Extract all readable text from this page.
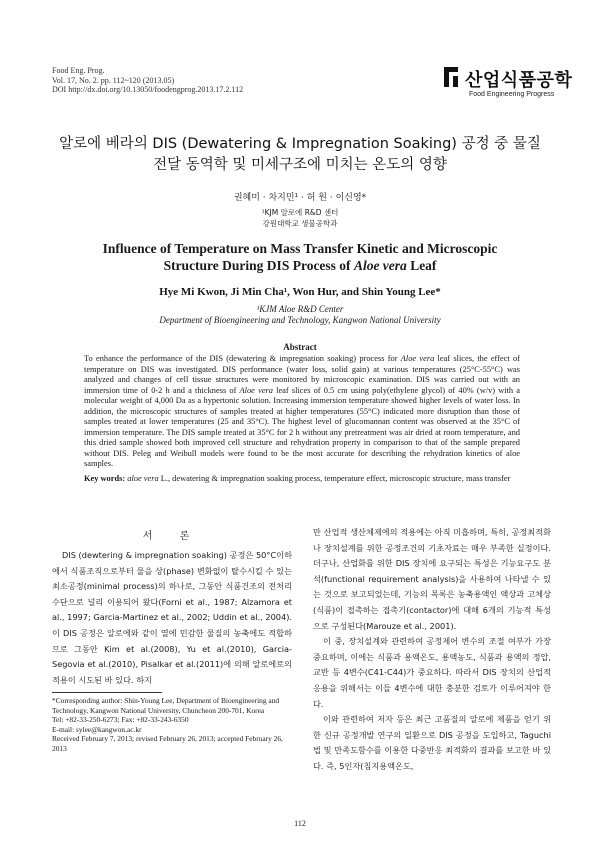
Food Eng. Prog.
Vol. 17, No. 2. pp. 112~120 (2013.05)
DOI http://dx.doi.org/10.13050/foodengprog.2013.17.2.112	산업식품공학
Food Engineering Progress
알로에 베라의 DIS (Dewatering & Impregnation Soaking) 공정 중 물질
전달 동역학 및 미세구조에 미치는 온도의 영향
권혜미 · 차지민¹ · 허 원 · 이신영*
¹KJM 알로에 R&D 센터
강원대학교 생물공학과
Influence of Temperature on Mass Transfer Kinetic and Microscopic
Structure During DIS Process of Aloe vera Leaf
Hye Mi Kwon, Ji Min Cha¹, Won Hur, and Shin Young Lee*
¹KJM Aloe R&D Center
Department of Bioengineering and Technology, Kangwon National University
Abstract
To enhance the performance of the DIS (dewatering & impregnation soaking) process for Aloe vera leaf slices, the effect of temperature on DIS was investigated. DIS performance (water loss, solid gain) at various temperatures (25°C-55°C) was analyzed and changes of cell tissue structures were monitored by microscopic examination. DIS was carried out with an immersion time of 0-2 h and a thickness of Aloe vera leaf slices of 0.5 cm using poly(ethylene glycol) of 40% (w/v) with a molecular weight of 4,000 Da as a hypertonic solution. Increasing immersion temperature showed higher levels of water loss. In addition, the microscopic structures of samples treated at higher temperatures (55°C) indicated more disruption than those of samples treated at lower temperatures (25 and 35°C). The highest level of glucomannan content was observed at the 35°C of immersion temperature. The DIS sample treated at 35°C for 2 h without any pretreatment was air dried at room temperature, and this dried sample showed both improved cell structure and rehydration property in comparison to that of the sample prepared without DIS. Peleg and Weibull models were found to be the most accurate for describing the rehydration kinetics of aloe samples.
Key words: aloe vera L., dewatering & impregnation soaking process, temperature effect, microscopic structure, mass transfer
서 론
DIS (dewtering & impregnation soaking) 공정은 50°C이하에서 식품조직으로부터 물을 상(phase) 변화없이 탈수시킬 수 있는 최소공정(minimal process)의 하나로, 그동안 식품건조의 전처리수단으로 널리 이용되어 왔다(Forni et al., 1987; Alzamora et al., 1997; Garcia-Martinez et al., 2002; Uddin et al., 2004). 이 DIS 공정은 알로에와 같이 열에 민감한 물질의 농축에도 적합하므로 그동안 Kim et al.(2008), Yu et al.(2010), Garcia-Segovia et al.(2010), Pisalkar et al.(2011)에 의해 알로에로의 적용이 시도된 바 있다. 하지

만 산업적 생산체제에의 적용에는 아직 미흡하며, 특히, 공정최적화나 장치설계를 위한 공정조건의 기초자료는 매우 부족한 실정이다. 더구나, 산업화를 위한 DIS 장치에 요구되는 특성은 기능요구도 분석(functional requirement analysis)을 사용하여 나타낼 수 있는 것으로 보고되었는데, 기능의 목록은 농축용액인 액상과 고체상(식품)이 접촉하는 접촉기(contactor)에 대해 6개의 기능적 특성으로 구성된다(Marouze et al., 2001).

이 중, 장치설계와 관련하여 공정제어 변수의 조절 여부가 가장 중요하며, 이에는 식품과 용액온도, 용액농도, 식품과 용액의 정압, 교반 등 4변수(C41-C44)가 중요하다. 따라서 DIS 장치의 산업적 응용을 위해서는 이들 4변수에 대한 충분한 검토가 이루어져야 한다.

이와 관련하여 저자 등은 최근 고품질의 알로에 제품을 얻기 위한 신규 공정개발 연구의 일환으로 DIS 공정을 도입하고, Taguchi 법 및 만족도함수를 이용한 다중반응 최적화의 결과를 보고한 바 있다. 즉, 5인자(침지용액온도,

*Corresponding author: Shin-Young Lee, Department of Bioengineering and Technology, Kangwon National University, Chuncheon 200-701, Korea
Tel: +82-33-250-6273; Fax: +82-33-243-6350
E-mail: sylee@kangwon.ac.kr
Received February 7, 2013; revised February 26, 2013; accepted February 26, 2013
112
